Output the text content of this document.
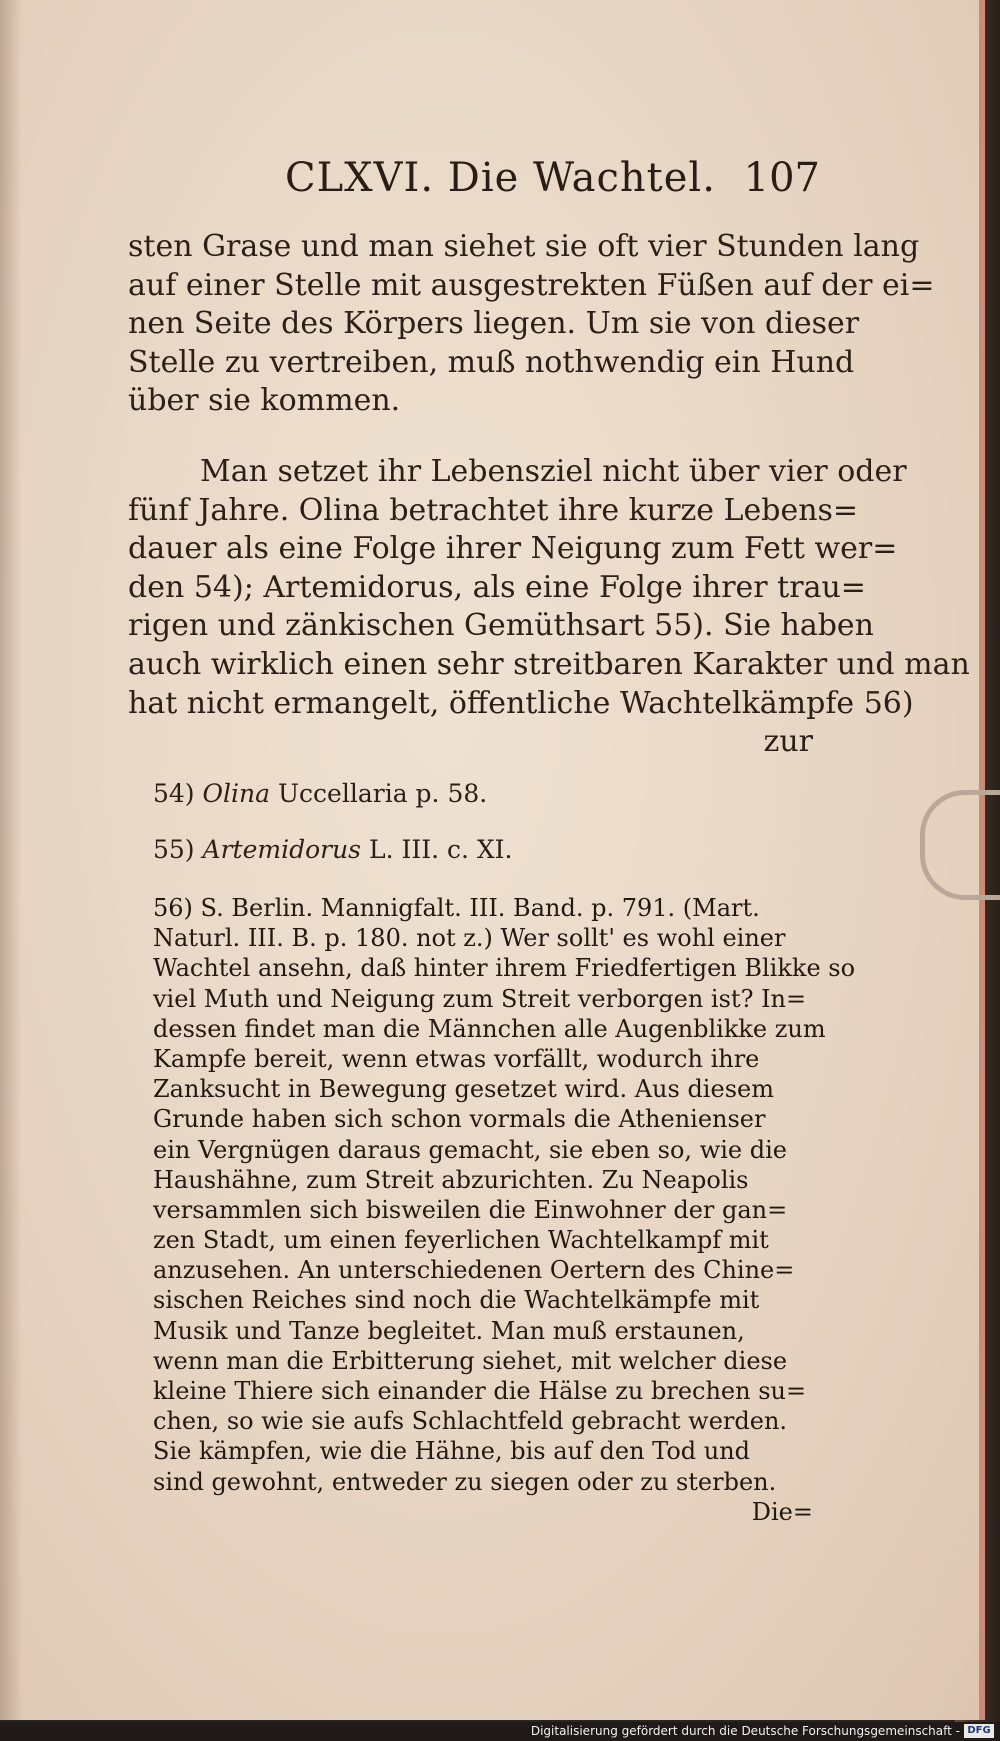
CLXVI. Die Wachtel. 107
sten Grase und man siehet sie oft vier Stunden lang
auf einer Stelle mit ausgestrekten Füßen auf der ei=
nen Seite des Körpers liegen. Um sie von dieser
Stelle zu vertreiben, muß nothwendig ein Hund
über sie kommen.
Man setzet ihr Lebensziel nicht über vier oder
fünf Jahre. Olina betrachtet ihre kurze Lebens=
dauer als eine Folge ihrer Neigung zum Fett wer=
den 54); Artemidorus, als eine Folge ihrer trau=
rigen und zänkischen Gemüthsart 55). Sie haben
auch wirklich einen sehr streitbaren Karakter und man
hat nicht ermangelt, öffentliche Wachtelkämpfe 56)
zur
54) Olina Uccellaria p. 58.
55) Artemidorus L. III. c. XI.
56) S. Berlin. Mannigfalt. III. Band. p. 791. (Mart.
Naturl. III. B. p. 180. not z.) Wer sollt' es wohl einer
Wachtel ansehn, daß hinter ihrem Friedfertigen Blikke so
viel Muth und Neigung zum Streit verborgen ist? In=
dessen findet man die Männchen alle Augenblikke zum
Kampfe bereit, wenn etwas vorfällt, wodurch ihre
Zanksucht in Bewegung gesetzet wird. Aus diesem
Grunde haben sich schon vormals die Athenienser
ein Vergnügen daraus gemacht, sie eben so, wie die
Haushähne, zum Streit abzurichten. Zu Neapolis
versammlen sich bisweilen die Einwohner der gan=
zen Stadt, um einen feyerlichen Wachtelkampf mit
anzusehen. An unterschiedenen Oertern des Chine=
sischen Reiches sind noch die Wachtelkämpfe mit
Musik und Tanze begleitet. Man muß erstaunen,
wenn man die Erbitterung siehet, mit welcher diese
kleine Thiere sich einander die Hälse zu brechen su=
chen, so wie sie aufs Schlachtfeld gebracht werden.
Sie kämpfen, wie die Hähne, bis auf den Tod und
sind gewohnt, entweder zu siegen oder zu sterben.
Die=
Digitalisierung gefördert durch die Deutsche Forschungsgemeinschaft - DFG
